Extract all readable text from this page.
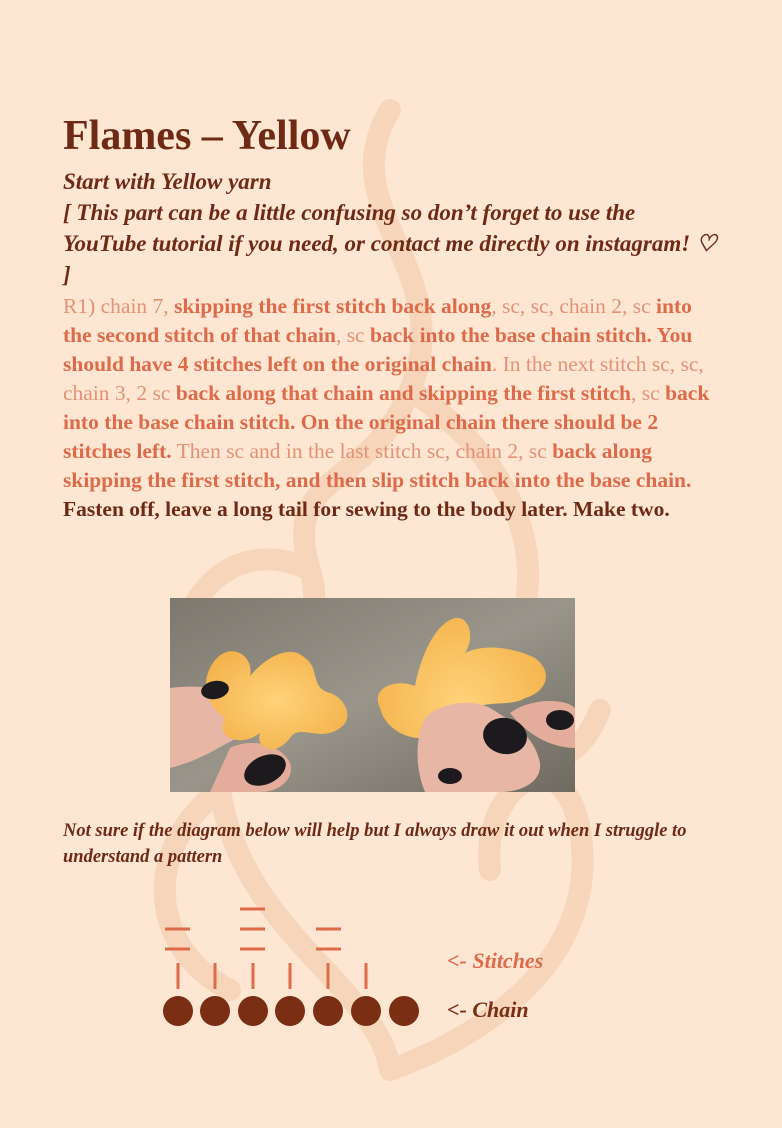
Flames – Yellow
Start with Yellow yarn
[ This part can be a little confusing so don’t forget to use the YouTube tutorial if you need, or contact me directly on instagram! ♡ ]

R1) chain 7, skipping the first stitch back along, sc, sc, chain 2, sc into the second stitch of that chain, sc back into the base chain stitch. You should have 4 stitches left on the original chain. In the next stitch sc, sc, chain 3, 2 sc back along that chain and skipping the first stitch, sc back into the base chain stitch. On the original chain there should be 2 stitches left. Then sc and in the last stitch sc, chain 2, sc back along skipping the first stitch, and then slip stitch back into the base chain.

Fasten off, leave a long tail for sewing to the body later. Make two.

Not sure if the diagram below will help but I always draw it out when I struggle to understand a pattern
<- Stitches
<- Chain
